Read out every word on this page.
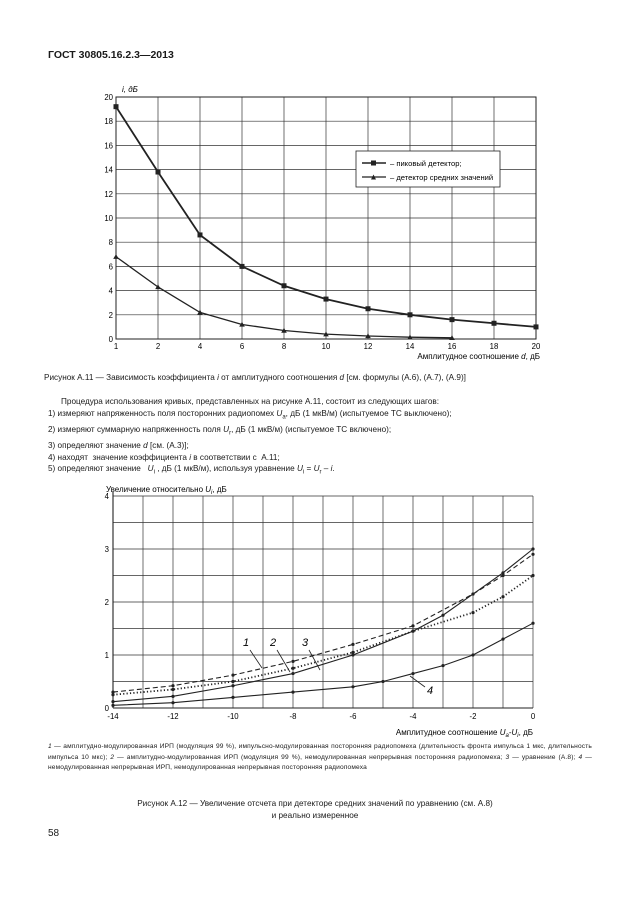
ГОСТ 30805.16.2.3—2013
1	2	4	6	8	10	12	14	16	18	20
0
2
4
6
8
10
12
14
16
18
20
i, дБ
Амплитудное соотношение d, дБ
– пиковый детектор;
– детектор средних значений
Рисунок А.11 — Зависимость коэффициента i от амплитудного соотношения d [см. формулы (А.6), (А.7), (А.9)]
Процедура использования кривых, представленных на рисунке А.11, состоит из следующих шагов:
1) измеряют напряженность поля посторонних радиопомех $U_a$, дБ (1 мкВ/м) (испытуемое ТС выключено);
2) измеряют суммарную напряженность поля $U_r$, дБ (1 мкВ/м) (испытуемое ТС включено);
3) определяют значение d [см. (А.3)];
4) находят  значение коэффициента i в соответствии с  А.11;
5) определяют значение   $U_i$ , дБ (1 мкВ/м), используя уравнение $U_i = U_r - i$.
-14	-12	-10	-8	-6	-4	-2	0
0
1
2
3
4
1 2 3
4
Увеличение относительно $U_i$, дБ
Амплитудное соотношение $U_a-U_i$, дБ
1 — амплитудно-модулированная ИРП (модуляция 99 %), импульсно-модулированная посторонняя радиопомеха (длительность фронта импульса 1 мкс, длительность импульса 10 мкс); 2 — амплитудно-модулированная ИРП (модуляция 99 %), немодулированная непрерывная посторонняя радиопомеха; 3 — уравнение (А.8); 4 — немодулированная непрерывная ИРП, немодулированная непрерывная посторонняя радиопомеха
Рисунок А.12 — Увеличение отсчета при детекторе средних значений по уравнению (см. А.8)
и реально измеренное
58
